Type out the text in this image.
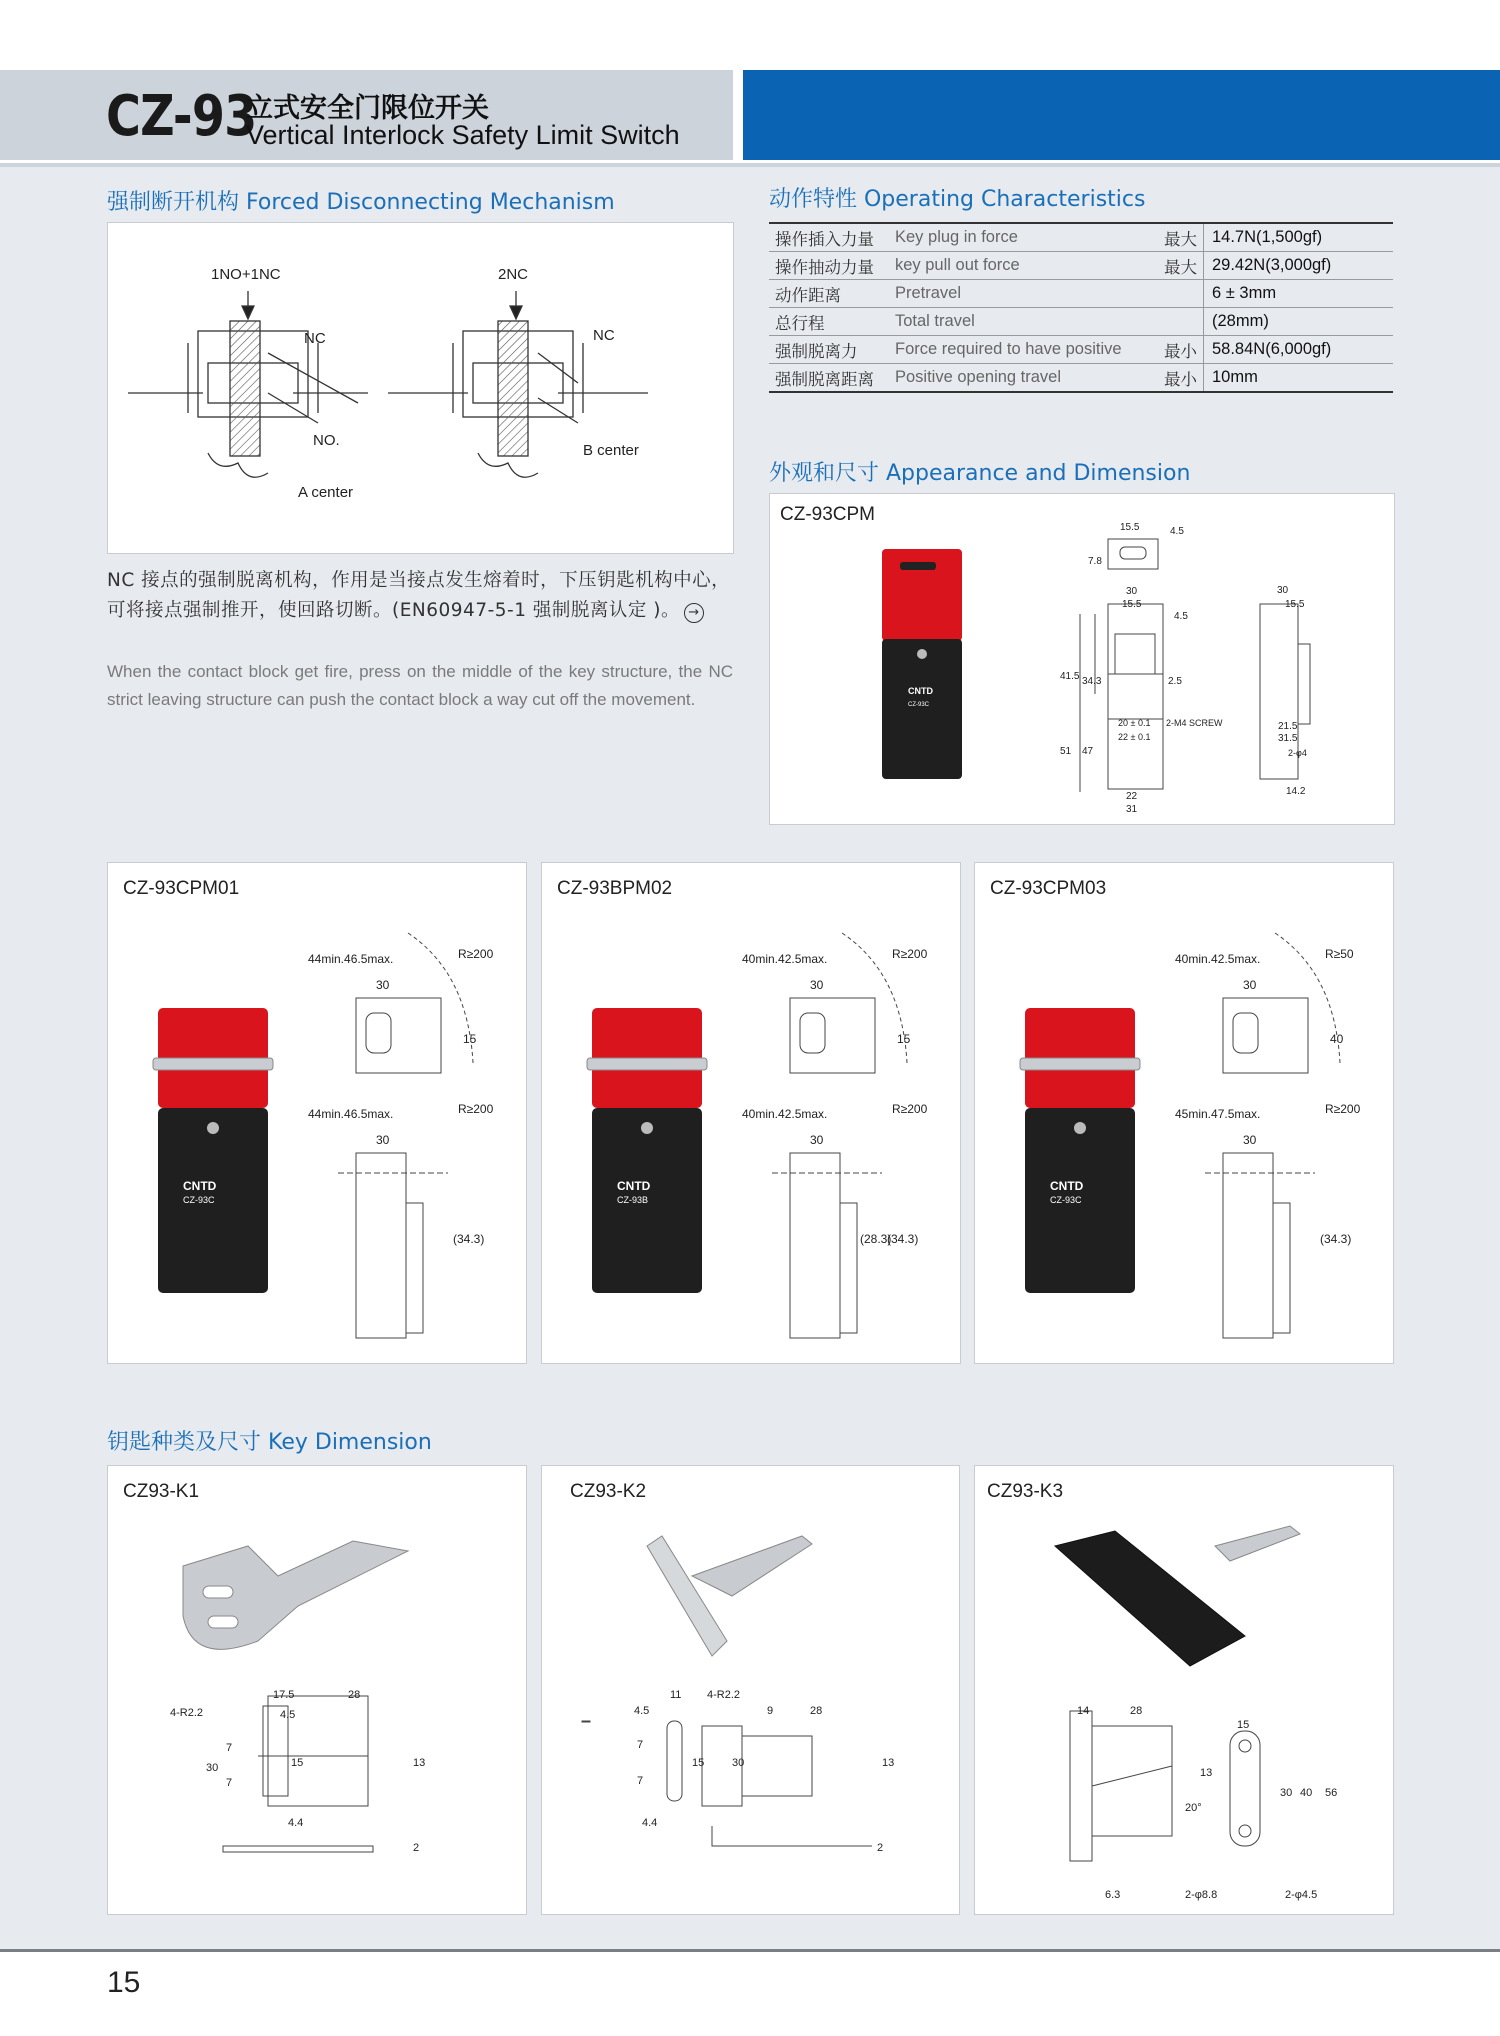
CZ-93
立式安全门限位开关
Vertical Interlock Safety Limit Switch
强制断开机构 Forced Disconnecting Mechanism
1NO+1NC
NC
NO.
A center
2NC
NC
B center
NC 接点的强制脱离机构，作用是当接点发生熔着时，下压钥匙机构中心，可将接点强制推开，使回路切断。(EN60947-5-1 强制脱离认定 )。 →
When the contact block get fire, press on the middle of the key structure, the NC strict leaving structure can push the contact block a way cut off the movement.
动作特性 Operating Characteristics
操作插入力量	Key plug in force	最大	14.7N(1,500gf)
操作抽动力量	key pull out force	最大	29.42N(3,000gf)
动作距离	Pretravel		6 ± 3mm
总行程	Total travel		(28mm)
强制脱离力	Force required to have positive	最小	58.84N(6,000gf)
强制脱离距离	Positive opening travel	最小	10mm
外观和尺寸 Appearance and Dimension
CZ-93CPM
CNTD
CZ-93C
15.5	4.5
7.8
30
15.5
4.5
41.5 34.3	2.5
20 ± 0.1
22 ± 0.1
2-M4 SCREW
51 47
22
31
30
15.5
21.5
31.5
2-φ4
14.2
CZ-93CPM01
CNTD
CZ-93C
44min.46.5max.	R≥200
30
15
44min.46.5max.	R≥200
30
(34.3)
CZ-93BPM02
CNTD
CZ-93B
40min.42.5max.	R≥200
30
15
40min.42.5max.	R≥200
30
(34.3)
(28.3)
CZ-93CPM03
CNTD
CZ-93C
40min.42.5max.	R≥50
30
40
45min.47.5max.	R≥200
30
(34.3)
钥匙种类及尺寸 Key Dimension
CZ93-K1
4-R2.2
17.5	28
4.5
7
7
30	15	13
4.4
2
CZ93-K2
4.5
11 4-R2.2
9	28
7
7
15	30	13
4.4
2
CZ93-K3
14	28
15
13
20°
30 40 56
6.3	2-φ8.8	2-φ4.5
15
